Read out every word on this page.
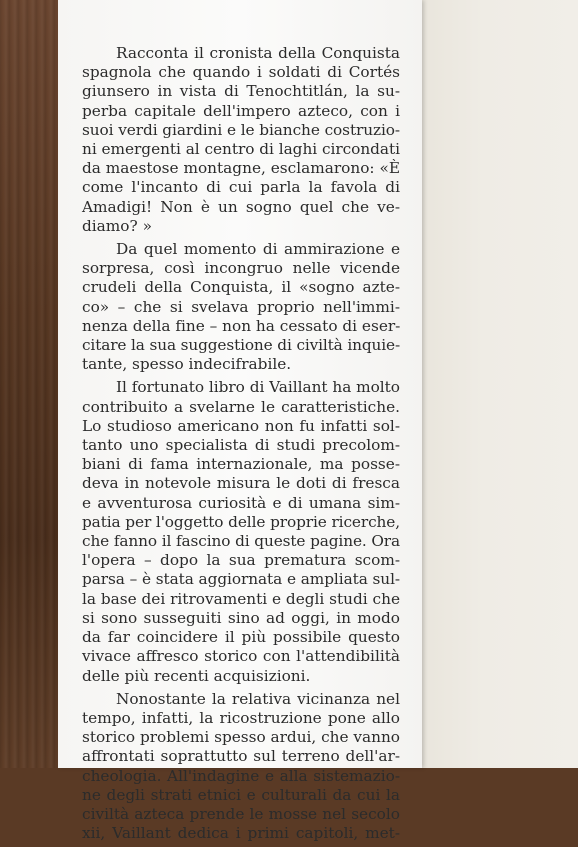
Racconta il cronista della Conquista
spagnola che quando i soldati di Cortés
giunsero in vista di Tenochtitlán, la su-
perba capitale dell'impero azteco, con i
suoi verdi giardini e le bianche costruzio-
ni emergenti al centro di laghi circondati
da maestose montagne, esclamarono: «È
come l'incanto di cui parla la favola di
Amadigi! Non è un sogno quel che ve-
diamo? »
Da quel momento di ammirazione e
sorpresa, così incongruo nelle vicende
crudeli della Conquista, il «sogno azte-
co» – che si svelava proprio nell'immi-
nenza della fine – non ha cessato di eser-
citare la sua suggestione di civiltà inquie-
tante, spesso indecifrabile.
Il fortunato libro di Vaillant ha molto
contribuito a svelarne le caratteristiche.
Lo studioso americano non fu infatti sol-
tanto uno specialista di studi precolom-
biani di fama internazionale, ma posse-
deva in notevole misura le doti di fresca
e avventurosa curiosità e di umana sim-
patia per l'oggetto delle proprie ricerche,
che fanno il fascino di queste pagine. Ora
l'opera – dopo la sua prematura scom-
parsa – è stata aggiornata e ampliata sul-
la base dei ritrovamenti e degli studi che
si sono susseguiti sino ad oggi, in modo
da far coincidere il più possibile questo
vivace affresco storico con l'attendibilità
delle più recenti acquisizioni.
Nonostante la relativa vicinanza nel
tempo, infatti, la ricostruzione pone allo
storico problemi spesso ardui, che vanno
affrontati soprattutto sul terreno dell'ar-
cheologia. All'indagine e alla sistemazio-
ne degli strati etnici e culturali da cui la
civiltà azteca prende le mosse nel secolo
xii, Vaillant dedica i primi capitoli, met-
